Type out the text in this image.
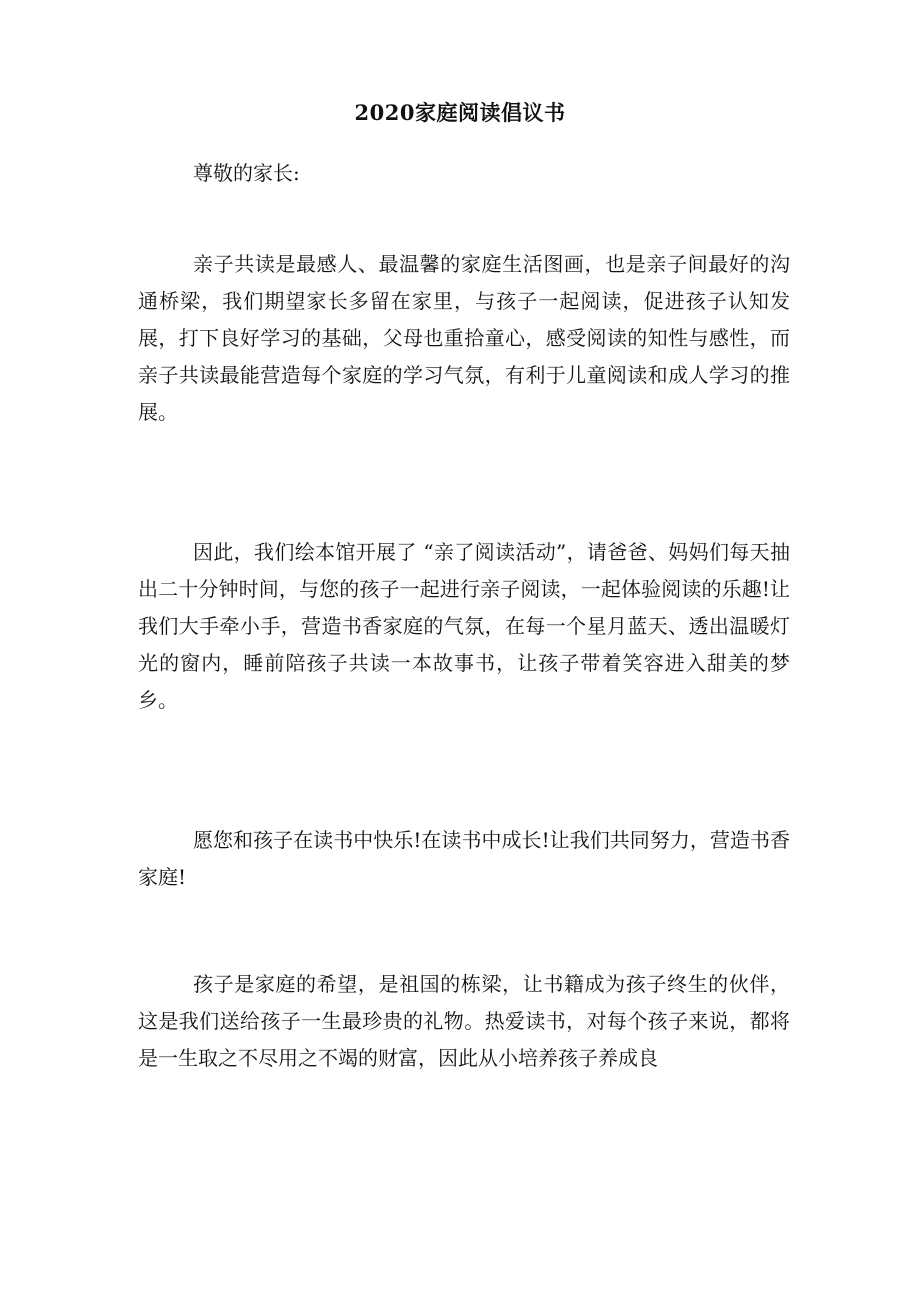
2020家庭阅读倡议书

尊敬的家长:

亲子共读是最感人、最温馨的家庭生活图画，也是亲子间最好的沟通桥梁，我们期望家长多留在家里，与孩子一起阅读，促进孩子认知发展，打下良好学习的基础，父母也重拾童心，感受阅读的知性与感性，而亲子共读最能营造每个家庭的学习气氛，有利于儿童阅读和成人学习的推展。

因此，我们绘本馆开展了 “亲了阅读活动”，请爸爸、妈妈们每天抽出二十分钟时间，与您的孩子一起进行亲子阅读，一起体验阅读的乐趣!让我们大手牵小手，营造书香家庭的气氛，在每一个星月蓝天、透出温暖灯光的窗内，睡前陪孩子共读一本故事书，让孩子带着笑容进入甜美的梦乡。

愿您和孩子在读书中快乐!在读书中成长!让我们共同努力，营造书香家庭!

孩子是家庭的希望，是祖国的栋梁，让书籍成为孩子终生的伙伴，这是我们送给孩子一生最珍贵的礼物。热爱读书，对每个孩子来说，都将是一生取之不尽用之不竭的财富，因此从小培养孩子养成良
